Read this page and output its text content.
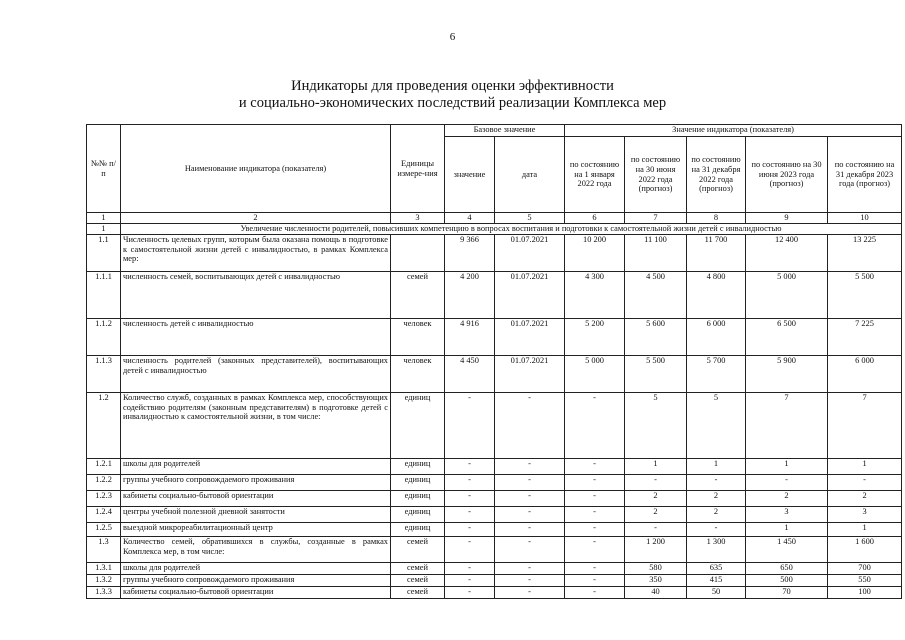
6
Индикаторы для проведения оценки эффективности
и социально-экономических последствий реализации Комплекса мер
№№ п/п	Наименование индикатора (показателя)	Единицы измере-ния	Базовое значение		Значение индикатора (показателя)				
			значение	дата	по состоянию на 1 января 2022 года	по состоянию на 30 июня 2022 года (прогноз)	по состоянию на 31 декабря 2022 года (прогноз)	по состоянию на 30 июня 2023 года (прогноз)	по состоянию на 31 декабря 2023 года (прогноз)
1	2	3	4	5	6	7	8	9	10
1	Увеличение численности родителей, повысивших компетенцию в вопросах воспитания и подготовки к самостоятельной жизни детей с инвалидностью								
1.1	Численность целевых групп, которым была оказана помощь в подготовке к самостоятельной жизни детей с инвалидностью, в рамках Комплекса мер:		9 366	01.07.2021	10 200	11 100	11 700	12 400	13 225
1.1.1	численность семей, воспитывающих детей с инвалидностью	семей	4 200	01.07.2021	4 300	4 500	4 800	5 000	5 500
1.1.2	численность детей с инвалидностью	человек	4 916	01.07.2021	5 200	5 600	6 000	6 500	7 225
1.1.3	численность родителей (законных представителей), воспитывающих детей с инвалидностью	человек	4 450	01.07.2021	5 000	5 500	5 700	5 900	6 000
1.2	Количество служб, созданных в рамках Комплекса мер, способствующих содействию родителям (законным представителям) в подготовке детей с инвалидностью к самостоятельной жизни, в том числе:	единиц	-	-	-	5	5	7	7
1.2.1	школы для родителей	единиц	-	-	-	1	1	1	1
1.2.2	группы учебного сопровождаемого проживания	единиц	-	-	-	-	-	-	-
1.2.3	кабинеты социально-бытовой ориентации	единиц	-	-	-	2	2	2	2
1.2.4	центры учебной полезной дневной занятости	единиц	-	-	-	2	2	3	3
1.2.5	выездной микрореабилитационный центр	единиц	-	-	-	-	-	1	1
1.3	Количество семей, обратившихся в службы, созданные в рамках Комплекса мер, в том числе:	семей	-	-	-	1 200	1 300	1 450	1 600
1.3.1	школы для родителей	семей	-	-	-	580	635	650	700
1.3.2	группы учебного сопровождаемого проживания	семей	-	-	-	350	415	500	550
1.3.3	кабинеты социально-бытовой ориентации	семей	-	-	-	40	50	70	100
